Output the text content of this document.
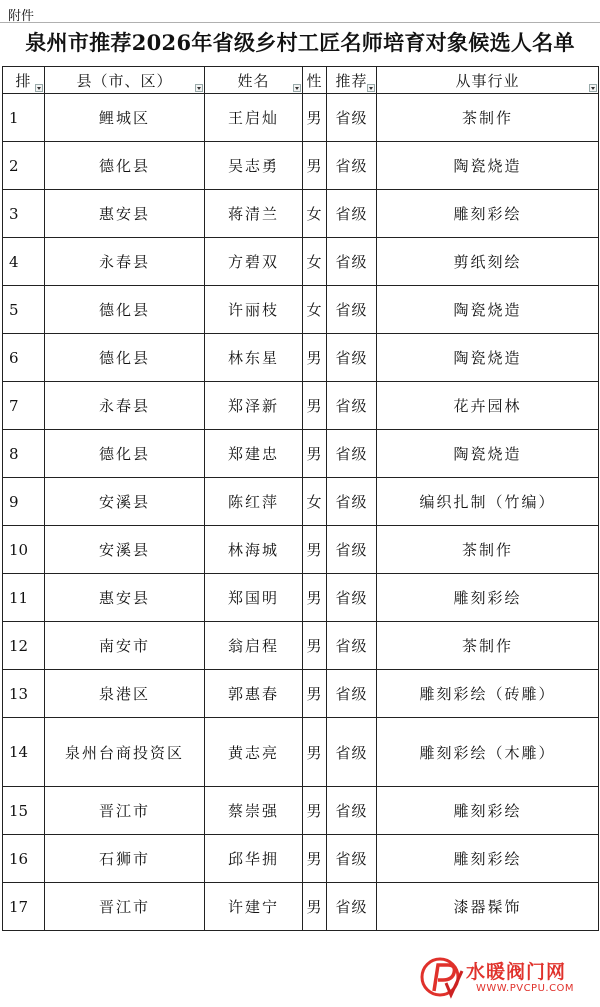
附件
泉州市推荐2026年省级乡村工匠名师培育对象候选人名单
排	县（市、区）	姓名	性	推荐	从事行业

1	鲤城区	王启灿	男	省级	茶制作
2	德化县	吴志勇	男	省级	陶瓷烧造
3	惠安县	蒋清兰	女	省级	雕刻彩绘
4	永春县	方碧双	女	省级	剪纸刻绘
5	德化县	许丽枝	女	省级	陶瓷烧造
6	德化县	林东星	男	省级	陶瓷烧造
7	永春县	郑泽新	男	省级	花卉园林
8	德化县	郑建忠	男	省级	陶瓷烧造
9	安溪县	陈红萍	女	省级	编织扎制（竹编）
10	安溪县	林海城	男	省级	茶制作
11	惠安县	郑国明	男	省级	雕刻彩绘
12	南安市	翁启程	男	省级	茶制作
13	泉港区	郭惠春	男	省级	雕刻彩绘（砖雕）
14	泉州台商投资区	黄志亮	男	省级	雕刻彩绘（木雕）
15	晋江市	蔡崇强	男	省级	雕刻彩绘
16	石狮市	邱华拥	男	省级	雕刻彩绘
17	晋江市	许建宁	男	省级	漆器髹饰
水暖阀门网
WWW.PVCPU.COM
